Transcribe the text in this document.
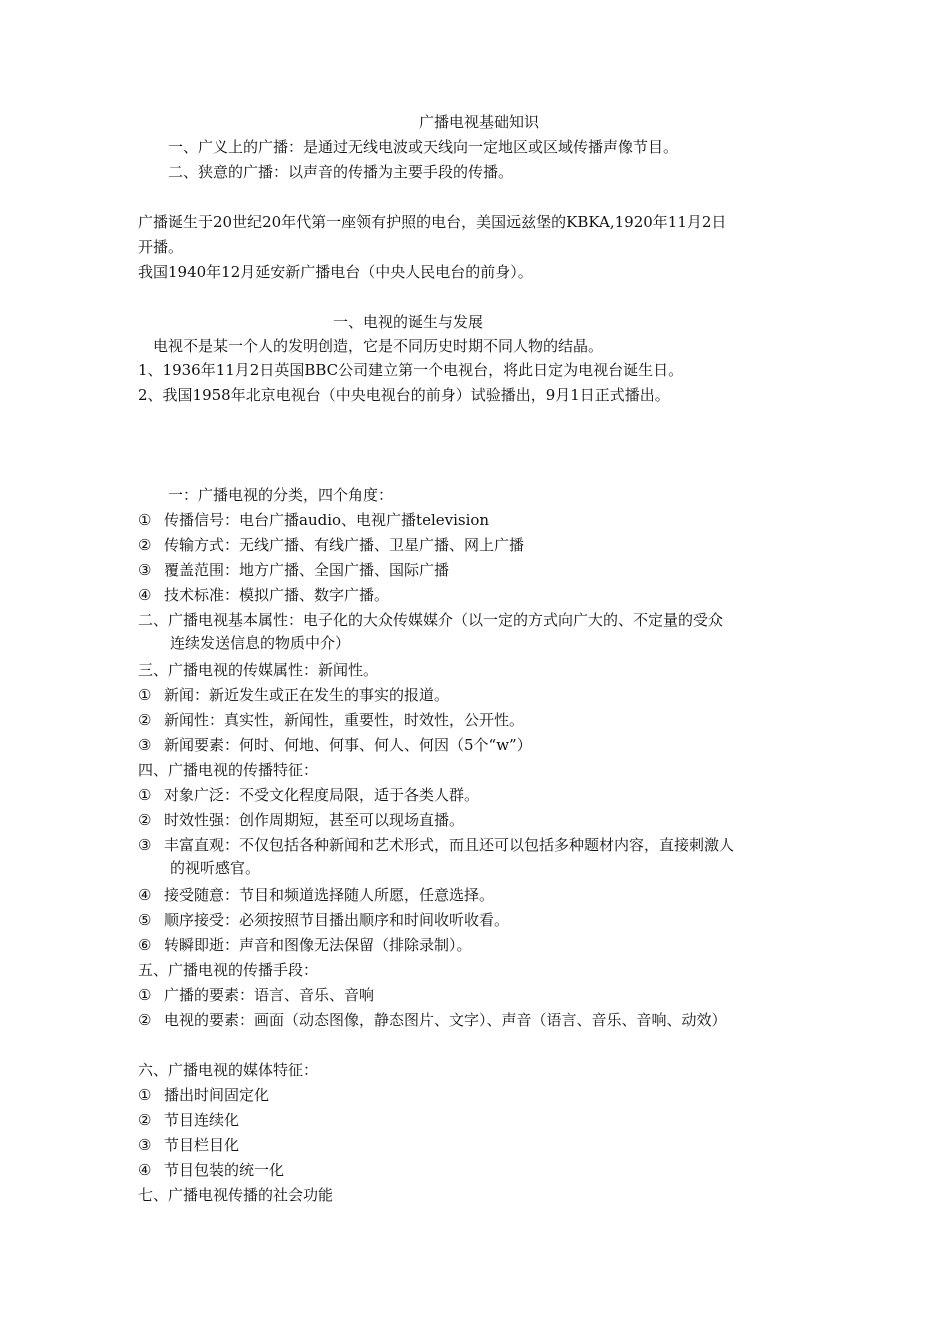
广播电视基础知识
一、广义上的广播：是通过无线电波或天线向一定地区或区域传播声像节目。
二、狭意的广播：以声音的传播为主要手段的传播。
广播诞生于20世纪20年代第一座领有护照的电台，美国远兹堡的KBKA,1920年11月2日
开播。
我国1940年12月延安新广播电台（中央人民电台的前身）。
一、电视的诞生与发展
电视不是某一个人的发明创造，它是不同历史时期不同人物的结晶。
1、1936年11月2日英国BBC公司建立第一个电视台，将此日定为电视台诞生日。
2、我国1958年北京电视台（中央电视台的前身）试验播出，9月1日正式播出。
一：广播电视的分类，四个角度：
① 传播信号：电台广播audio、电视广播television
② 传输方式：无线广播、有线广播、卫星广播、网上广播
③ 覆盖范围：地方广播、全国广播、国际广播
④ 技术标准：模拟广播、数字广播。
二、广播电视基本属性：电子化的大众传媒媒介（以一定的方式向广大的、不定量的受众
连续发送信息的物质中介）
三、广播电视的传媒属性：新闻性。
① 新闻：新近发生或正在发生的事实的报道。
② 新闻性：真实性，新闻性，重要性，时效性，公开性。
③ 新闻要素：何时、何地、何事、何人、何因（5个“w”）
四、广播电视的传播特征：
① 对象广泛：不受文化程度局限，适于各类人群。
② 时效性强：创作周期短，甚至可以现场直播。
③ 丰富直观：不仅包括各种新闻和艺术形式，而且还可以包括多种题材内容，直接刺激人
的视听感官。
④ 接受随意：节目和频道选择随人所愿，任意选择。
⑤ 顺序接受：必须按照节目播出顺序和时间收听收看。
⑥ 转瞬即逝：声音和图像无法保留（排除录制）。
五、广播电视的传播手段：
① 广播的要素：语言、音乐、音响
② 电视的要素：画面（动态图像，静态图片、文字）、声音（语言、音乐、音响、动效）
六、广播电视的媒体特征：
① 播出时间固定化
② 节目连续化
③ 节目栏目化
④ 节目包装的统一化
七、广播电视传播的社会功能
